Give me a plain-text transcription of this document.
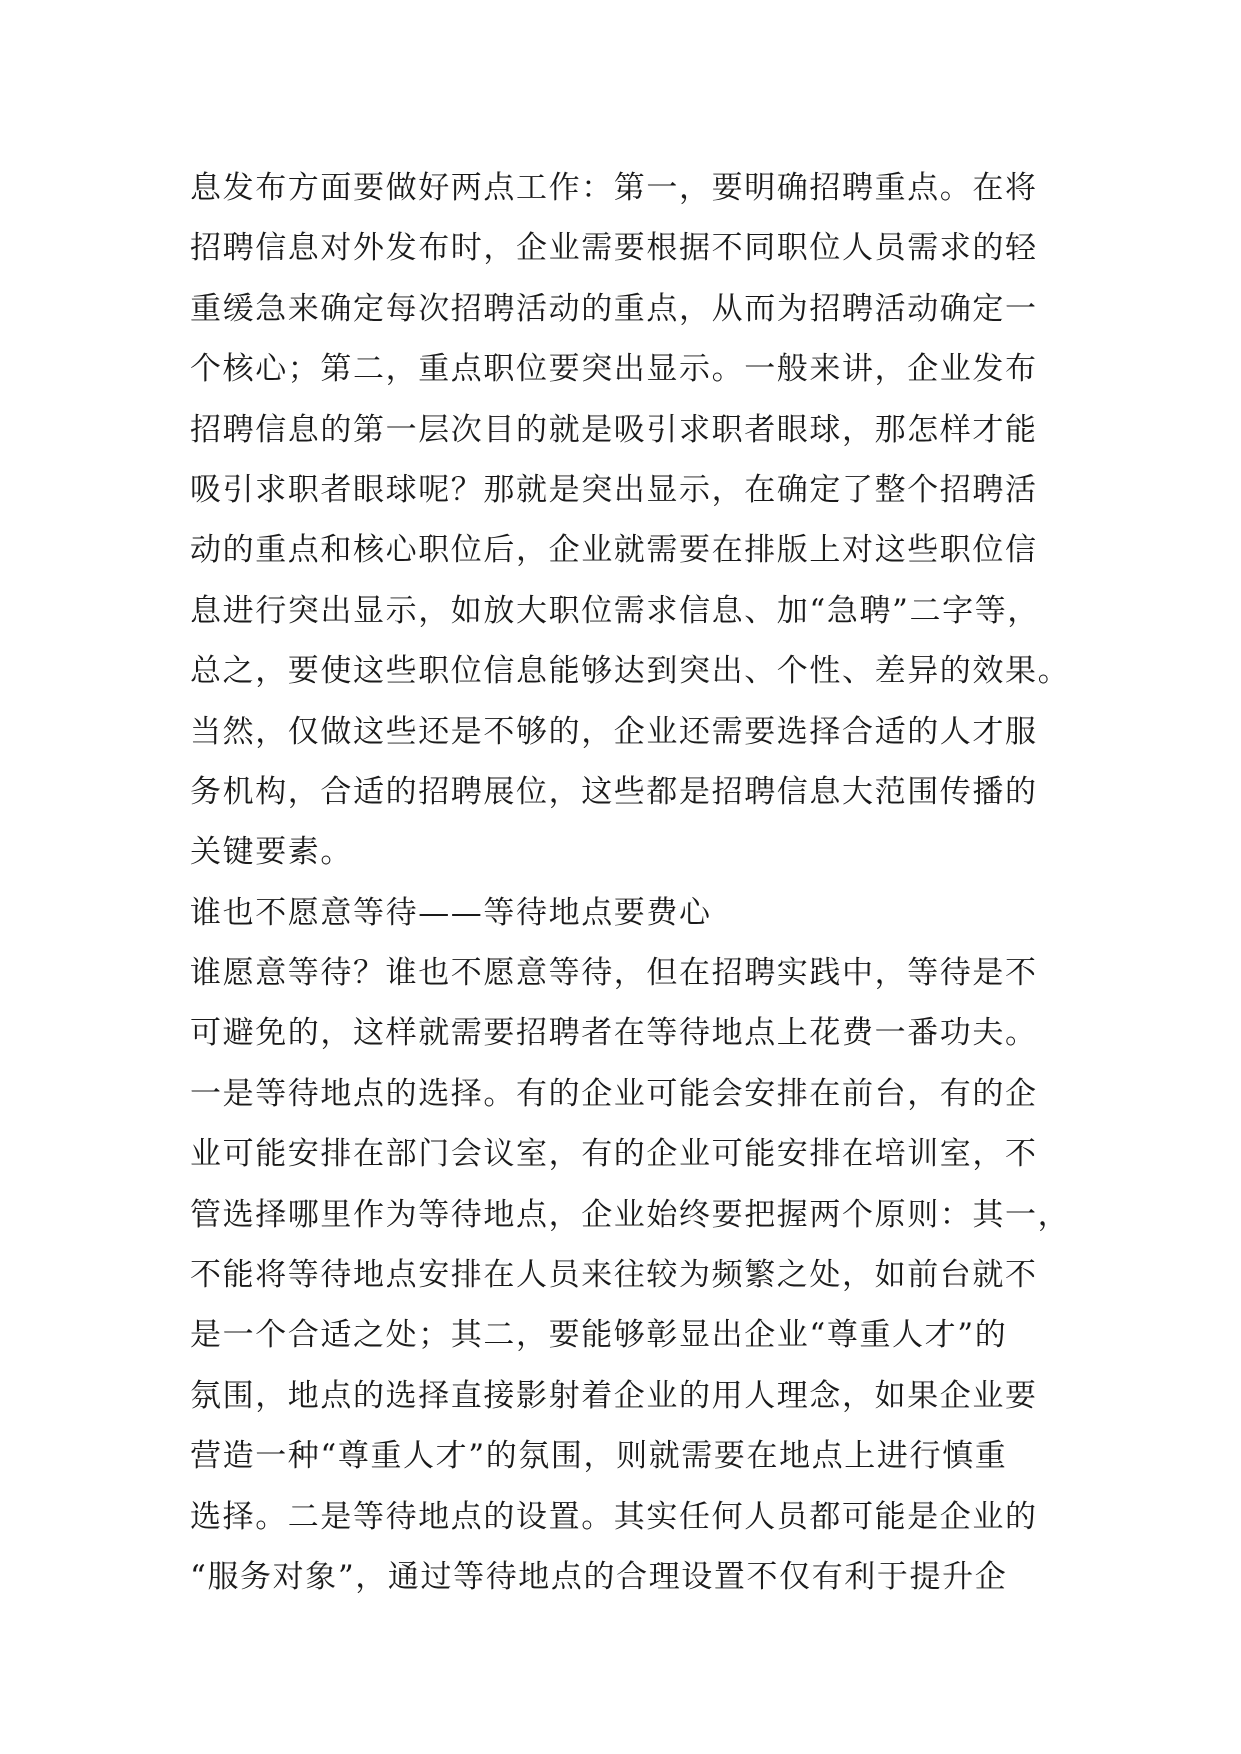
息发布方面要做好两点工作：第一，要明确招聘重点。在将
招聘信息对外发布时，企业需要根据不同职位人员需求的轻
重缓急来确定每次招聘活动的重点，从而为招聘活动确定一
个核心；第二，重点职位要突出显示。一般来讲，企业发布
招聘信息的第一层次目的就是吸引求职者眼球，那怎样才能
吸引求职者眼球呢？那就是突出显示，在确定了整个招聘活
动的重点和核心职位后，企业就需要在排版上对这些职位信
息进行突出显示，如放大职位需求信息、加“急聘”二字等，
总之，要使这些职位信息能够达到突出、个性、差异的效果。
当然，仅做这些还是不够的，企业还需要选择合适的人才服
务机构，合适的招聘展位，这些都是招聘信息大范围传播的
关键要素。
谁也不愿意等待——等待地点要费心
谁愿意等待？谁也不愿意等待，但在招聘实践中，等待是不
可避免的，这样就需要招聘者在等待地点上花费一番功夫。
一是等待地点的选择。有的企业可能会安排在前台，有的企
业可能安排在部门会议室，有的企业可能安排在培训室，不
管选择哪里作为等待地点，企业始终要把握两个原则：其一，
不能将等待地点安排在人员来往较为频繁之处，如前台就不
是一个合适之处；其二，要能够彰显出企业“尊重人才”的
氛围，地点的选择直接影射着企业的用人理念，如果企业要
营造一种“尊重人才”的氛围，则就需要在地点上进行慎重
选择。二是等待地点的设置。其实任何人员都可能是企业的
“服务对象”，通过等待地点的合理设置不仅有利于提升企
